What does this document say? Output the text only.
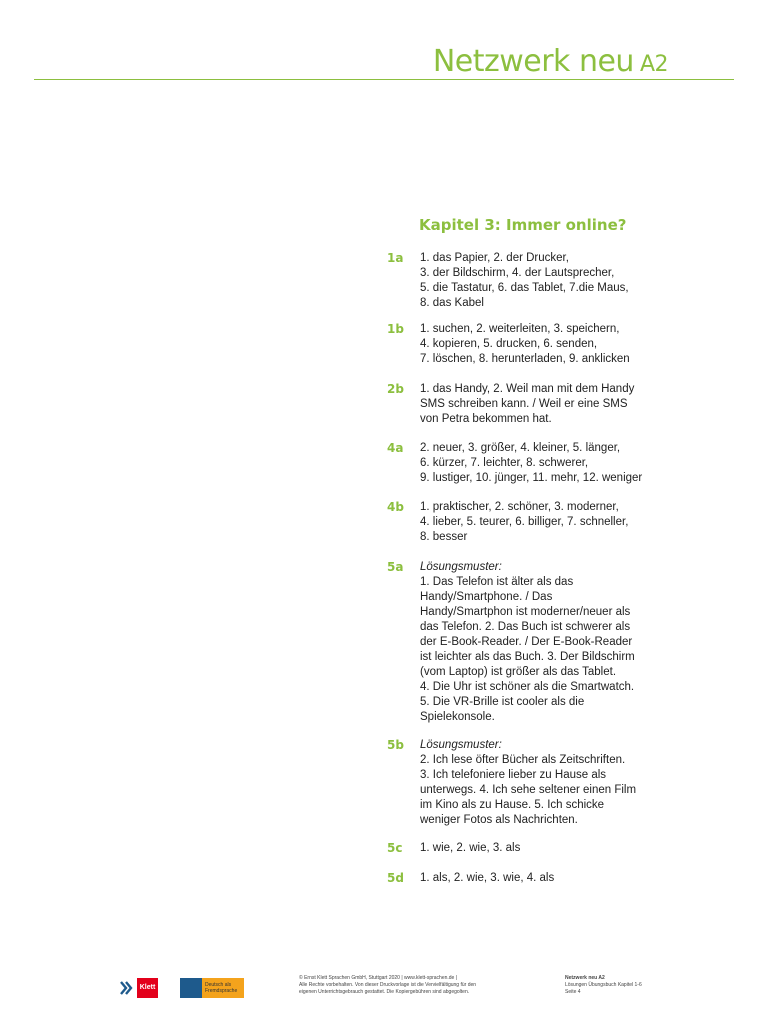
Netzwerk neu A2
Kapitel 3: Immer online?
1a 1. das Papier, 2. der Drucker,
3. der Bildschirm, 4. der Lautsprecher,
5. die Tastatur, 6. das Tablet, 7.die Maus,
8. das Kabel
1b 1. suchen, 2. weiterleiten, 3. speichern,
4. kopieren, 5. drucken, 6. senden,
7. löschen, 8. herunterladen, 9. anklicken
2b 1. das Handy, 2. Weil man mit dem Handy
SMS schreiben kann. / Weil er eine SMS
von Petra bekommen hat.
4a 2. neuer, 3. größer, 4. kleiner, 5. länger,
6. kürzer, 7. leichter, 8. schwerer,
9. lustiger, 10. jünger, 11. mehr, 12. weniger
4b 1. praktischer, 2. schöner, 3. moderner,
4. lieber, 5. teurer, 6. billiger, 7. schneller,
8. besser
5a Lösungsmuster:
1. Das Telefon ist älter als das
Handy/Smartphone. / Das
Handy/Smartphon ist moderner/neuer als
das Telefon. 2. Das Buch ist schwerer als
der E-Book-Reader. / Der E-Book-Reader
ist leichter als das Buch. 3. Der Bildschirm
(vom Laptop) ist größer als das Tablet.
4. Die Uhr ist schöner als die Smartwatch.
5. Die VR-Brille ist cooler als die
Spielekonsole.
5b Lösungsmuster:
2. Ich lese öfter Bücher als Zeitschriften.
3. Ich telefoniere lieber zu Hause als
unterwegs. 4. Ich sehe seltener einen Film
im Kino als zu Hause. 5. Ich schicke
weniger Fotos als Nachrichten.
5c 1. wie, 2. wie, 3. als
5d 1. als, 2. wie, 3. wie, 4. als
Klett	Deutsch als Fremdsprache
© Ernst Klett Sprachen GmbH, Stuttgart 2020 | www.klett-sprachen.de |
Alle Rechte vorbehalten. Von dieser Druckvorlage ist die Vervielfältigung für den
eigenen Unterrichtsgebrauch gestattet. Die Kopiergebühren sind abgegolten.
Netzwerk neu A2
Lösungen Übungsbuch Kapitel 1-6
Seite 4
